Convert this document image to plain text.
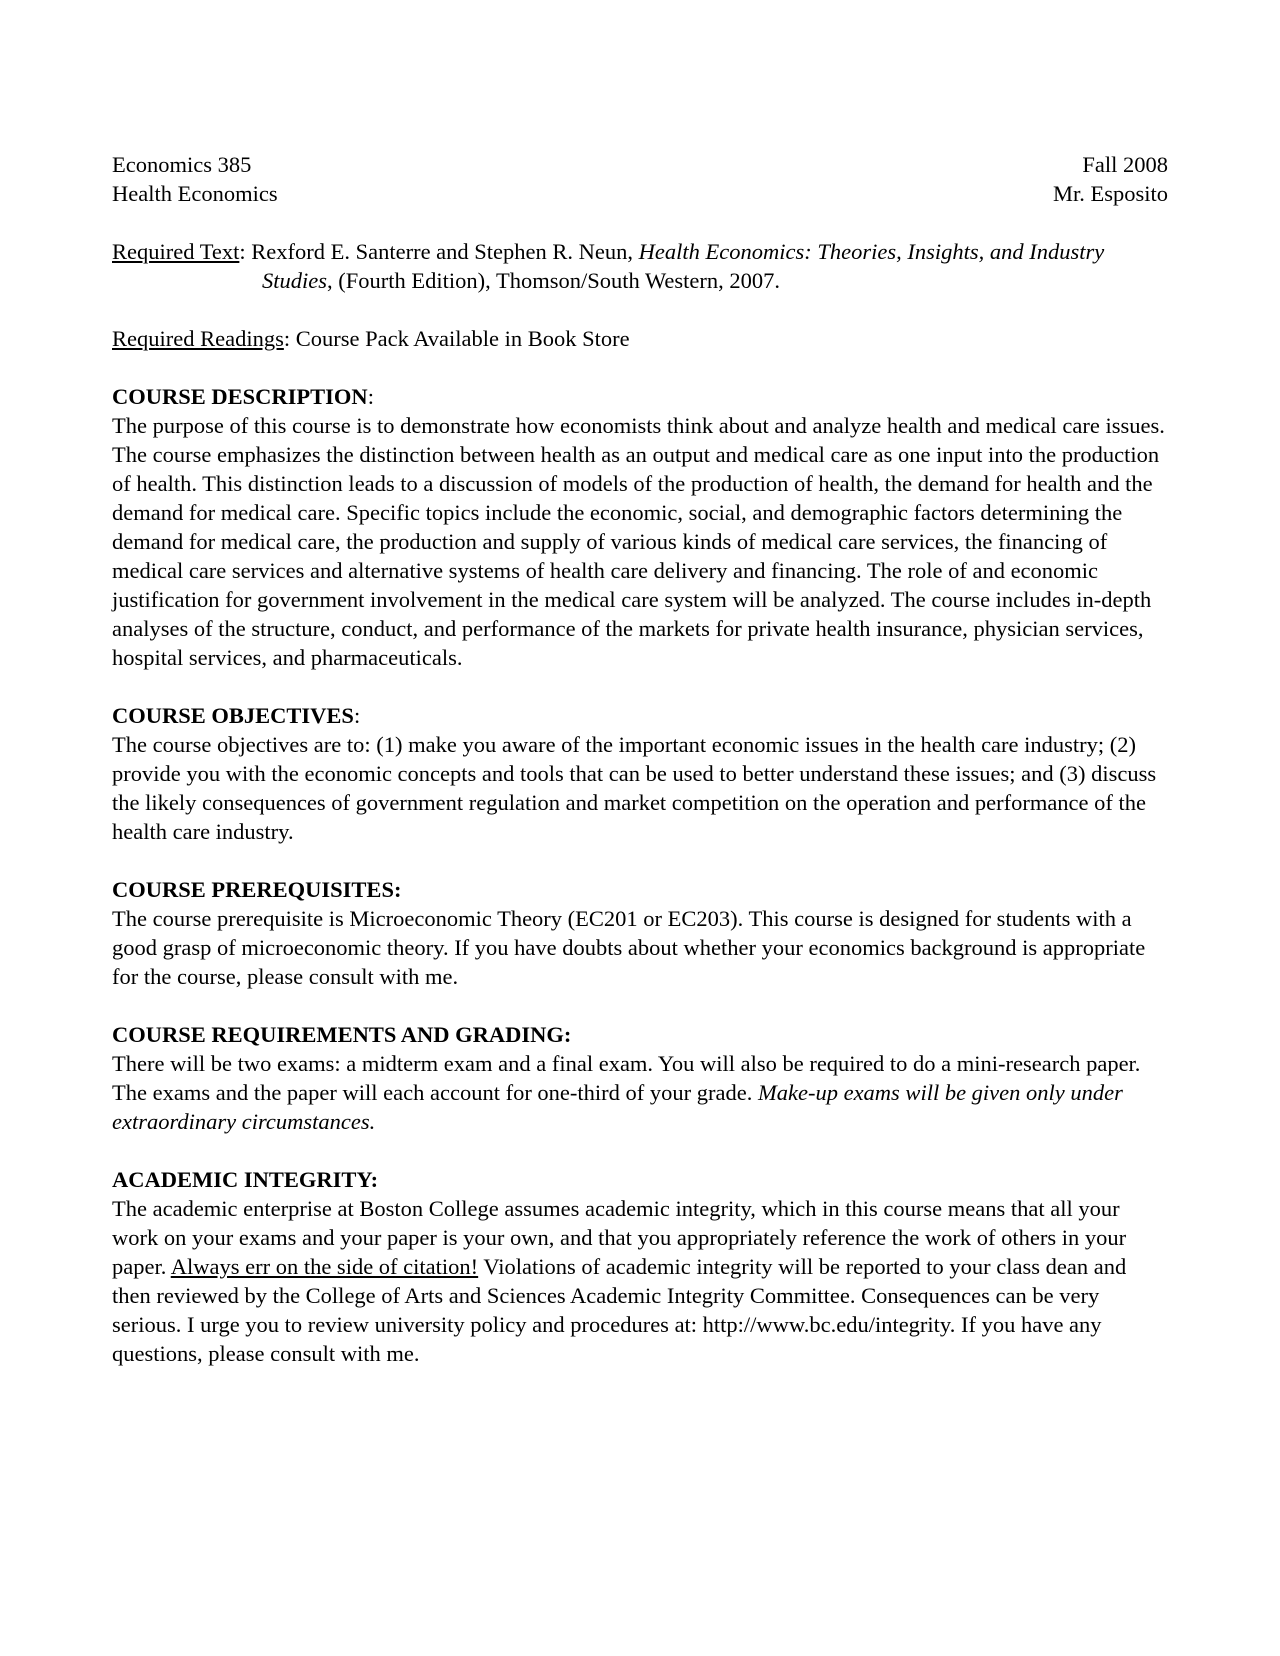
Economics 385	Fall 2008
Health Economics	Mr. Esposito

Required Text: Rexford E. Santerre and Stephen R. Neun, Health Economics: Theories, Insights, and Industry Studies, (Fourth Edition), Thomson/South Western, 2007.

Required Readings: Course Pack Available in Book Store

COURSE DESCRIPTION:

The purpose of this course is to demonstrate how economists think about and analyze health and medical care issues. The course emphasizes the distinction between health as an output and medical care as one input into the production of health. This distinction leads to a discussion of models of the production of health, the demand for health and the demand for medical care. Specific topics include the economic, social, and demographic factors determining the demand for medical care, the production and supply of various kinds of medical care services, the financing of medical care services and alternative systems of health care delivery and financing. The role of and economic justification for government involvement in the medical care system will be analyzed. The course includes in-depth analyses of the structure, conduct, and performance of the markets for private health insurance, physician services, hospital services, and pharmaceuticals.

COURSE OBJECTIVES:

The course objectives are to: (1) make you aware of the important economic issues in the health care industry; (2) provide you with the economic concepts and tools that can be used to better understand these issues; and (3) discuss the likely consequences of government regulation and market competition on the operation and performance of the health care industry.

COURSE PREREQUISITES:

The course prerequisite is Microeconomic Theory (EC201 or EC203). This course is designed for students with a good grasp of microeconomic theory. If you have doubts about whether your economics background is appropriate for the course, please consult with me.

COURSE REQUIREMENTS AND GRADING:

There will be two exams: a midterm exam and a final exam. You will also be required to do a mini-research paper. The exams and the paper will each account for one-third of your grade. Make-up exams will be given only under extraordinary circumstances.

ACADEMIC INTEGRITY:

The academic enterprise at Boston College assumes academic integrity, which in this course means that all your work on your exams and your paper is your own, and that you appropriately reference the work of others in your paper. Always err on the side of citation! Violations of academic integrity will be reported to your class dean and then reviewed by the College of Arts and Sciences Academic Integrity Committee. Consequences can be very serious. I urge you to review university policy and procedures at: http://www.bc.edu/integrity. If you have any questions, please consult with me.
